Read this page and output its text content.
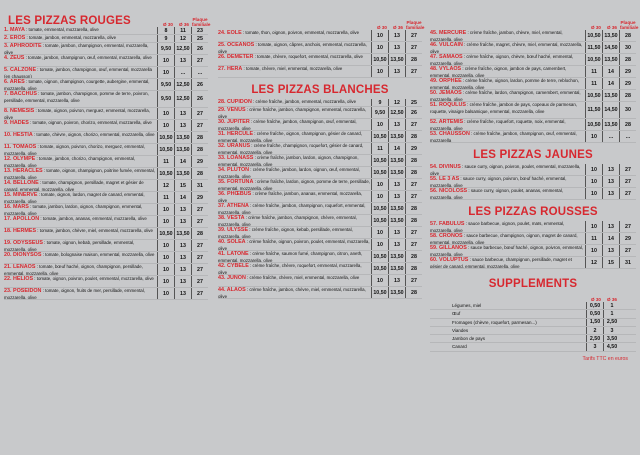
LES PIZZAS ROUGES	Ø 30	Ø 36
Plaque familiale
1. MAYA : tomate, emmental, mozzarella, olive	8	11	23
2. EROS : tomate, jambon, emmental, mozzarella, olive	9	12	25
3. APHRODITE : tomate, jambon, champignon, emmental, mozzarella, olive
9,50 12,50	26
4. ZEUS : tomate, jambon, champignon, œuf, emmental, mozzarella, olive	10	13	27
5. CALZONE : tomate, jambon, champignon, œuf, emmental, mozzarella (en chausson)
10	...	...
6. ARES : tomate, oignon, champignon, courgette, aubergine, emmental, mozzarella, olive
9,50 12,50	26
7. BACCHUS : tomate, jambon, champignon, pomme de terre, poivron, persillade, emmental, mozzarella, olive	9,50 12,50	26
8. NEMESIS : tomate, oignon, poivron, merguez, emmental, mozzarella, olive
10	13	27
9. HADES : tomate, oignon, poivron, chorizo, emmental, mozzarella, olive	10	13	27
10. HESTIA : tomate, chèvre, oignon, chorizo, emmental, mozzarella, olive 10,50 13,50	28
11. TOMAOS : tomate, oignon, poivron, chorizo, merguez, emmental, mozzarella, olive
10,50 13,50	28
12. OLYMPE : tomate, jambon, chorizo, champignon, emmental, mozzarella, olive
11	14	29
13. HERACLES : tomate, oignon, champignon, poitrine fumée, emmental, mozzarella, olive
10,50 13,50	28
14. BELLONE : tomate, champignon, persillade, magret et gésier de canard, emmental, mozzarella, olive
12	15	31
15. MINERVE : tomate, oignon, lardon, magret de canard, emmental, mozzarella, olive
11	14	29
16. MARS : tomate, jambon, lardon, oignon, champignon, emmental, mozzarella, olive
10	13	27
17. APOLLON : tomate, jambon, ananas, emmental, mozzarella, olive	10	13	27
18. HERMES : tomate, jambon, chèvre, miel, emmental, mozzarella, olive	10,50 13,50	28
19. ODYSSEUS : tomate, oignon, kebab, persillade, emmental, mozzarella, olive
10	13	27
20. DIONYSOS : tomate, bolognaise maison, emmental, mozzarella, olive	10	13	27
21. LENAOS : tomate, bœuf haché, oignon, champignon, persillade, emmental, mozzarella, olive
10	13	27
22. HELIOS : tomate, oignon, poivron, poulet, emmental, mozzarella, olive	10	13	27
23. POSEIDON : tomate, oignon, fruits de mer, persillade, emmental, mozzarella, olive
10	13	27
Ø 30	Ø 36
Plaque familiale
24. EOLE : tomate, thon, oignon, poivron, emmental, mozzarella, olive	10	13	27
25. OCEANOS : tomate, oignon, câpres, anchois, emmental, mozzarella, olive
10	13	27
26. DEMETER : tomate, chèvre, roquefort, emmental, mozzarella, olive	10,50 13,50	28
27. HERA : tomate, chèvre, miel, emmental, mozzarella, olive	10	13	27
LES PIZZAS BLANCHES
28. CUPIDON : crème fraîche, jambon, emmental, mozzarella, olive	9	12	25
29. VENUS : crème fraîche, jambon, champignon, emmental, mozzarella, olive
9,50 12,50	26
30. JUPITER : crème fraîche, jambon, champignon, œuf, emmental, mozzarella, olive
10	13	27
31. HERCULE : crème fraîche, oignon, champignon, gésier de canard, emmental, mozzarella, olive
10,50 13,50	28
32. URANUS : crème fraîche, champignon, roquefort, gésier de canard, emmental, mozzarella, olive
11	14	29
33. LOANASS : crème fraîche, jambon, lardon, oignon, champignon, emmental, mozzarella, olive
10,50 13,50	28
34. PLUTON : crème fraîche, jambon, lardon, oignon, œuf, emmental, mozzarella, olive
10,50 13,50	28
35. FORTUNA : crème fraîche, lardon, oignon, pomme de terre, persillade, emmental, mozzarella, olive
10	13	27
36. PHŒBUS : crème fraîche, jambon, ananas, emmental, mozzarella, olive
10	13	27
37. ATHENA : crème fraîche, jambon, champignon, roquefort, emmental, mozzarella, olive
10,50 13,50	28
38. VESTA : crème fraîche, jambon, champignon, chèvre, emmental, mozzarella, olive
10,50 13,50	28
39. ULYSSE : crème fraîche, oignon, kebab, persillade, emmental, mozzarella, olive
10	13	27
40. SOLEA : crème fraîche, oignon, poivron, poulet, emmental, mozzarella, olive
10	13	27
41. LATONE : crème fraîche, saumon fumé, champignon, citron, aneth, emmental, mozzarella, olive
10,50 13,50	28
42. CYBELE : crème fraîche, chèvre, roquefort, emmental, mozzarella, olive
10,50 13,50	28
43. JUNON : crème fraîche, chèvre, miel, emmental, mozzarella, olive	10	13	27
44. ALAOS : crème fraîche, jambon, chèvre, miel, emmental, mozzarella, olive
10,50 13,50	28
Ø 30	Ø 36
Plaque familiale
45. MERCURE : crème fraîche, jambon, chèvre, miel, emmental, mozzarella, olive
10,50 13,50	28
46. VULCAIN : crème fraîche, magret, chèvre, miel, emmental, mozzarella, olive
11,50 14,50	30
47. SAMAOS : crème fraîche, oignon, chèvre, bœuf haché, emmental, mozzarella, olive
10,50 13,50	28
48. VYLAOS : crème fraîche, oignon, jambon de pays, camembert, emmental, mozzarella, olive
11	14	29
49. ORPHEE : crème fraîche, oignon, lardon, pomme de terre, reblochon, emmental, mozzarella, olive
11	14	29
50. JEMAOS : crème fraîche, lardon, champignon, camembert, emmental, mozzarella, olive
10,50 13,50	28
51. ROQULUS : crème fraîche, jambon de pays, copeaux de parmesan, roquette, vinaigre balsamique, emmental, mozzarella, olive	11,50 14,50	30
52. ARTEMIS : crème fraîche, roquefort, roquette, noix, emmental, mozzarella, olive
10,50 13,50	28
53. CHAUSSON : crème fraîche, jambon, champignon, œuf, emmental, mozzarella
10	...	...
LES PIZZAS JAUNES
54. DIVINUS : sauce curry, oignon, poivron, poulet, emmental, mozzarella, olive
10	13	27
55. LE 3 AS : sauce curry, oignon, poivron, bœuf haché, emmental, mozzarella, olive
10	13	27
56. NICOLOSS : sauce curry, oignon, poulet, ananas, emmental, mozzarella, olive
10	13	27
LES PIZZAS ROUSSES
57. FABULUS : sauce barbecue, oignon, poulet, maïs, emmental, mozzarella, olive
10	13	27
58. CRONOS : sauce barbecue, champignon, oignon, magret de canard, emmental, mozzarella, olive
11	14	29
59. GILLANOS : sauce barbecue, bœuf haché, oignon, poivron, emmental, mozzarella, olive
10	13	27
60. VOLUPTUS : sauce barbecue, champignon, persillade, magret et gésier de canard, emmental, mozzarella, olive
12	15	31
SUPPLEMENTS
Ø 30	Ø 36
Légumes, miel	0,50	1
Œuf	0,50	1
Fromages (chèvre, roquefort, parmesan...)	1,50	2,50
Viandes	2	3
Jambon de pays	2,50	3,50
Canard	3	4,50
Tarifs TTC en euros
